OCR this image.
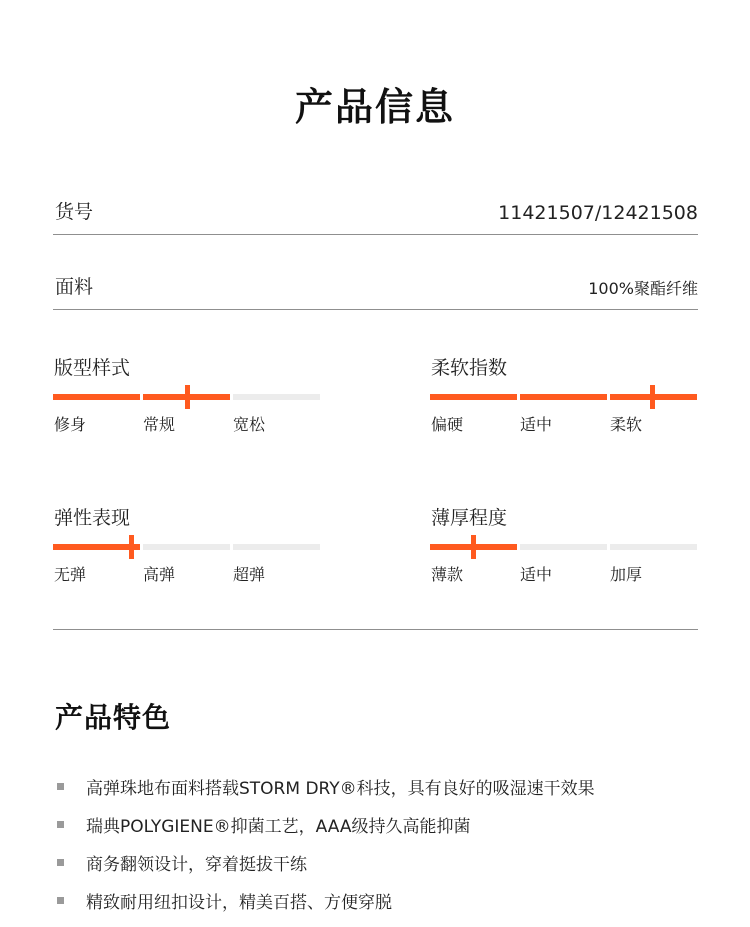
产品信息
货号	11421507/12421508
面料	100%聚酯纤维
版型样式
修身	常规	宽松
柔软指数
偏硬	适中	柔软
弹性表现
无弹	高弹	超弹
薄厚程度
薄款	适中	加厚
产品特色
高弹珠地布面料搭载STORM DRY®科技，具有良好的吸湿速干效果
瑞典POLYGIENE®抑菌工艺，AAA级持久高能抑菌
商务翻领设计，穿着挺拔干练
精致耐用纽扣设计，精美百搭、方便穿脱
